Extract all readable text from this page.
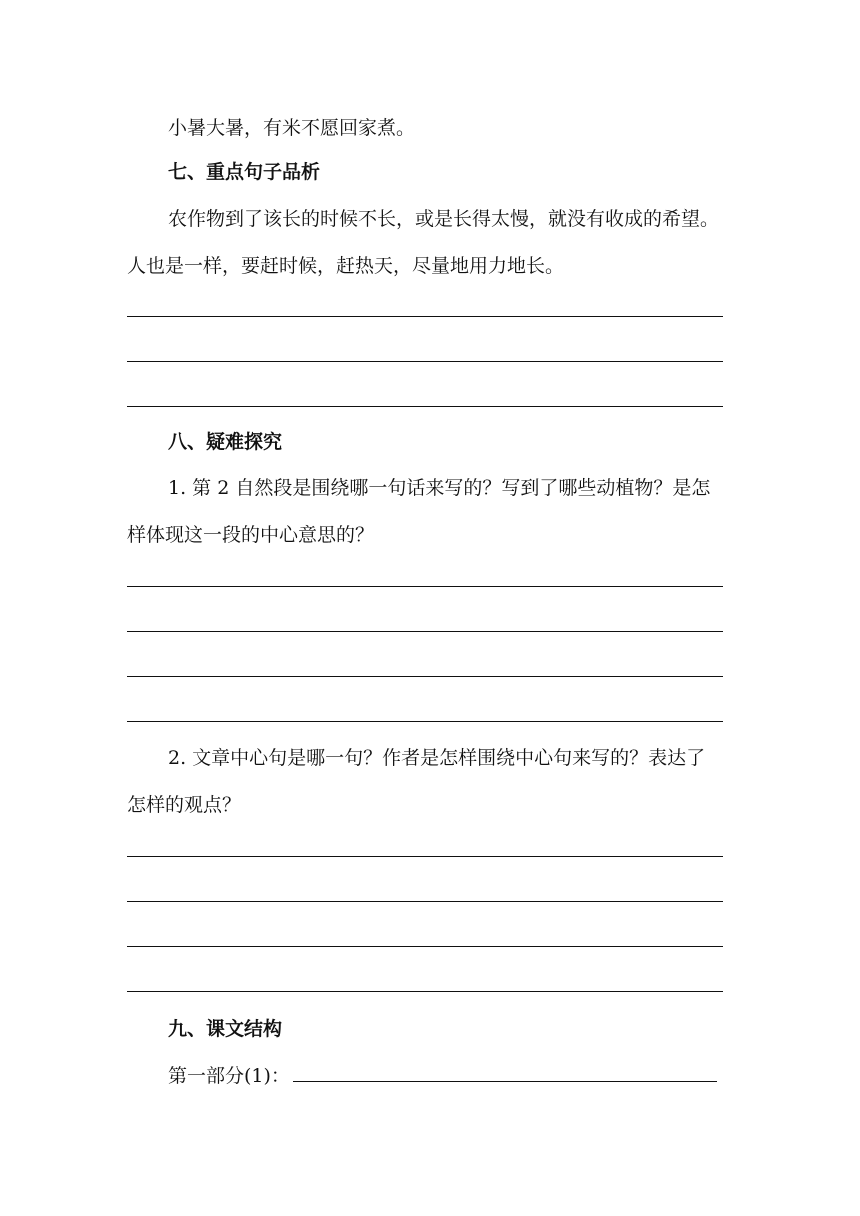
小暑大暑，有米不愿回家煮。
七、重点句子品析
农作物到了该长的时候不长，或是长得太慢，就没有收成的希望。
人也是一样，要赶时候，赶热天，尽量地用力地长。
八、疑难探究
1. 第 2 自然段是围绕哪一句话来写的？写到了哪些动植物？是怎
样体现这一段的中心意思的？
2. 文章中心句是哪一句？作者是怎样围绕中心句来写的？表达了
怎样的观点？
九、课文结构
第一部分(1)：
